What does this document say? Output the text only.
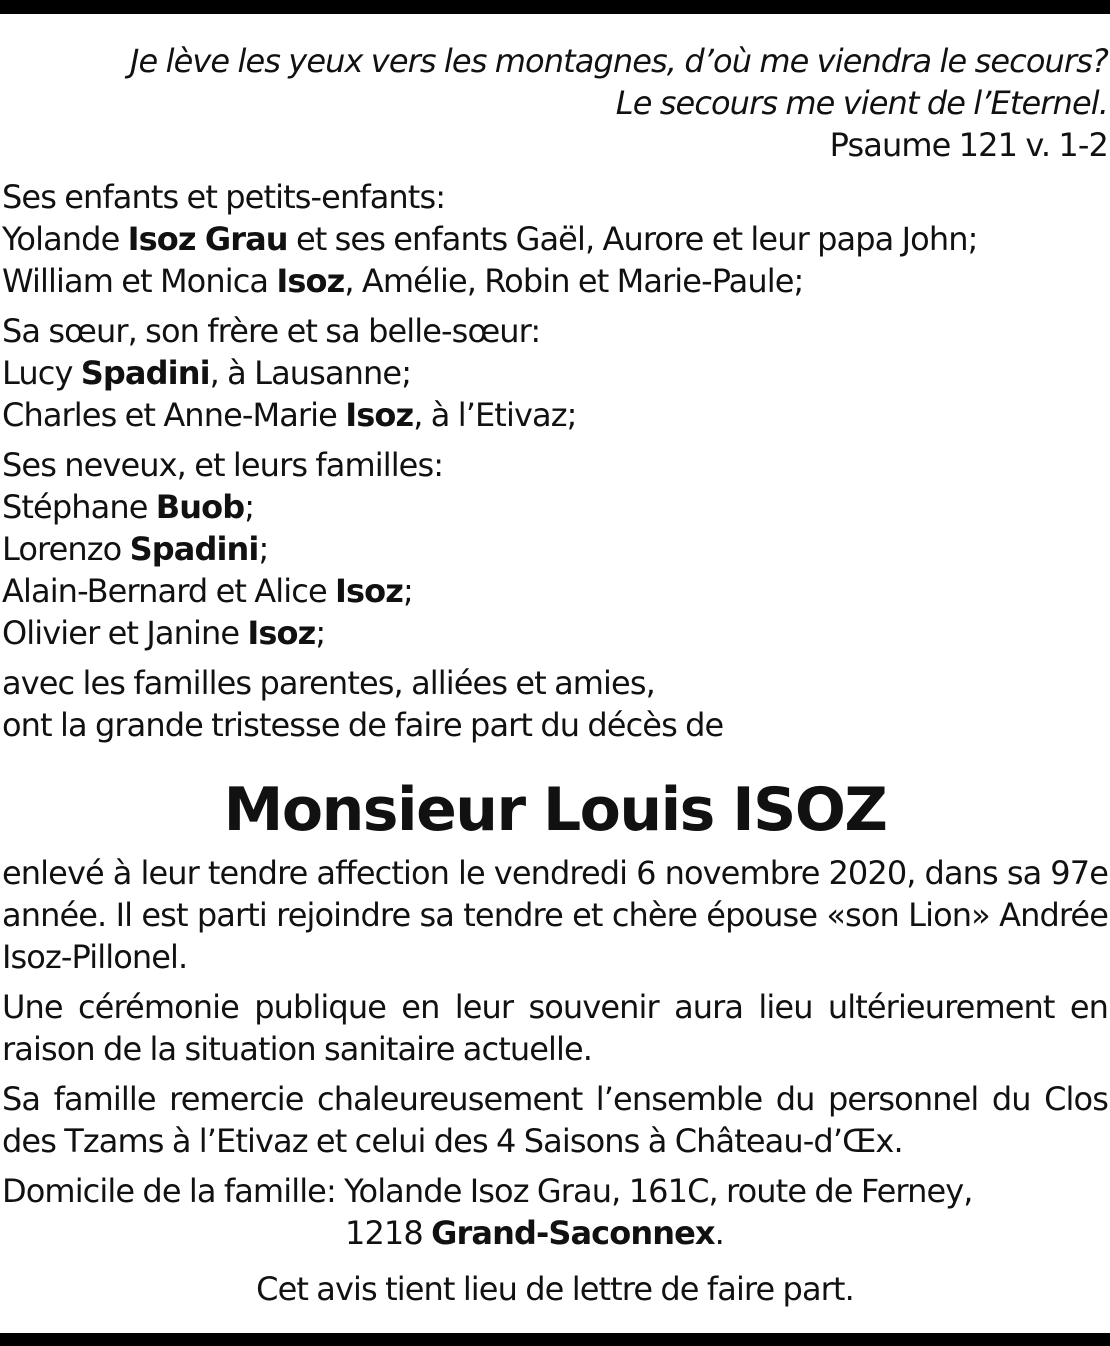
Je lève les yeux vers les montagnes, d’où me viendra le secours?

Le secours me vient de l’Eternel.

Psaume 121 v. 1-2

Ses enfants et petits-enfants:

Yolande Isoz Grau et ses enfants Gaël, Aurore et leur papa John;

William et Monica Isoz, Amélie, Robin et Marie-Paule;

Sa sœur, son frère et sa belle-sœur:

Lucy Spadini, à Lausanne;

Charles et Anne-Marie Isoz, à l’Etivaz;

Ses neveux, et leurs familles:

Stéphane Buob;

Lorenzo Spadini;

Alain-Bernard et Alice Isoz;

Olivier et Janine Isoz;

avec les familles parentes, alliées et amies,

ont la grande tristesse de faire part du décès de

Monsieur Louis ISOZ

enlevé à leur tendre affection le vendredi 6 novembre 2020, dans sa 97e année. Il est parti rejoindre sa tendre et chère épouse «son Lion» Andrée Isoz-Pillonel.

Une cérémonie publique en leur souvenir aura lieu ultérieurement en raison de la situation sanitaire actuelle.

Sa famille remercie chaleureusement l’ensemble du personnel du Clos des Tzams à l’Etivaz et celui des 4 Saisons à Château-d’Œx.

Domicile de la famille: Yolande Isoz Grau, 161C, route de Ferney,

1218 Grand-Saconnex.

Cet avis tient lieu de lettre de faire part.
